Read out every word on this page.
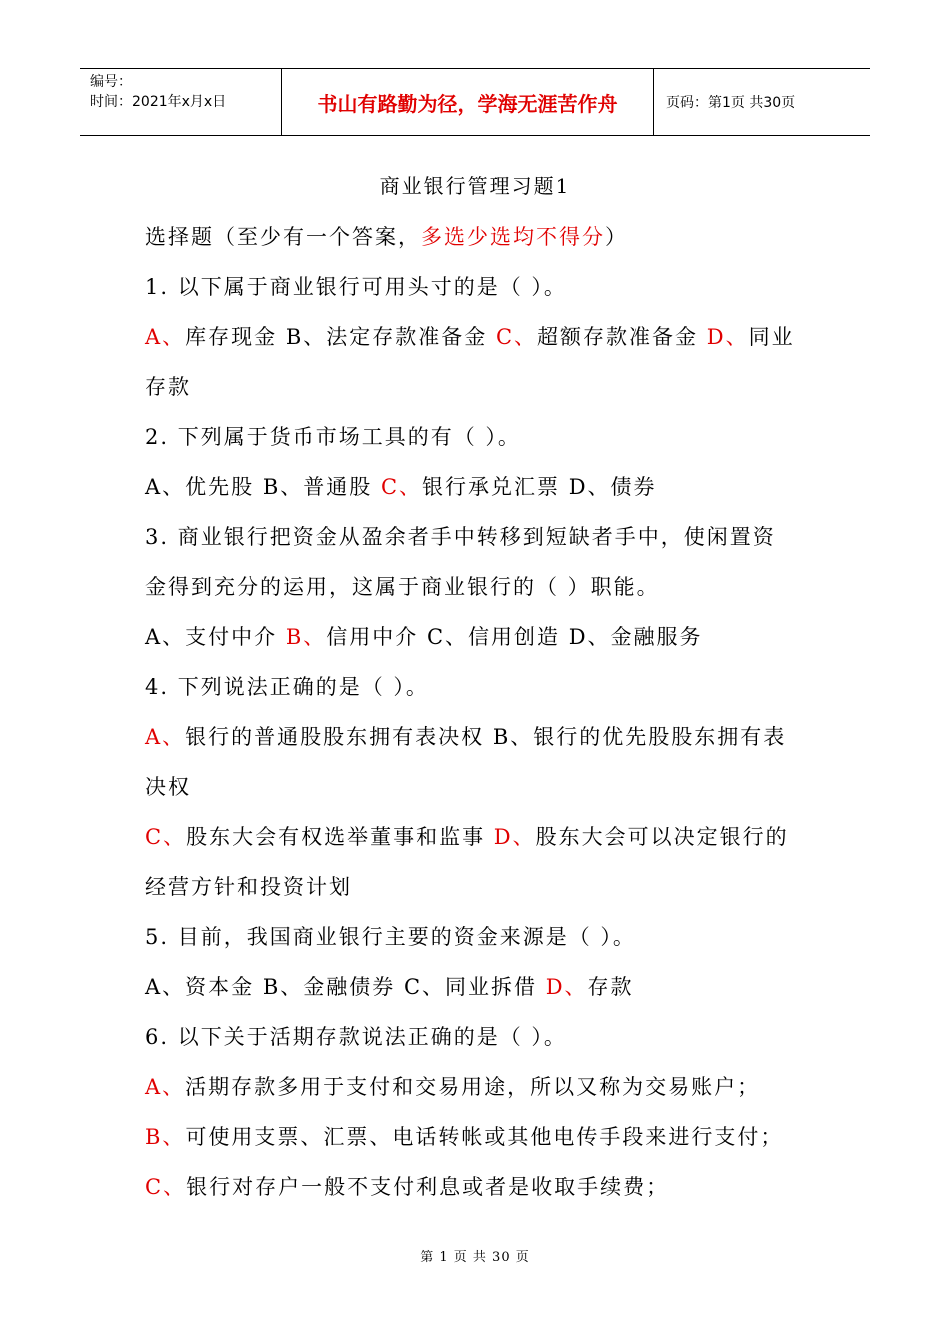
编号：
时间：2021年x月x日	书山有路勤为径，学海无涯苦作舟	页码：第1页 共30页
商业银行管理习题1
选择题（至少有一个答案，多选少选均不得分）
1. 以下属于商业银行可用头寸的是（ ）。
A、库存现金 B、法定存款准备金 C、超额存款准备金 D、同业
存款
2. 下列属于货币市场工具的有（ ）。
A、优先股 B、普通股 C、银行承兑汇票 D、债券
3. 商业银行把资金从盈余者手中转移到短缺者手中，使闲置资
金得到充分的运用，这属于商业银行的（ ）职能。
A、支付中介 B、信用中介 C、信用创造 D、金融服务
4. 下列说法正确的是（ ）。
A、银行的普通股股东拥有表决权 B、银行的优先股股东拥有表
决权
C、股东大会有权选举董事和监事 D、股东大会可以决定银行的
经营方针和投资计划
5. 目前，我国商业银行主要的资金来源是（ ）。
A、资本金 B、金融债券 C、同业拆借 D、存款
6. 以下关于活期存款说法正确的是（ ）。
A、活期存款多用于支付和交易用途，所以又称为交易账户；
B、可使用支票、汇票、电话转帐或其他电传手段来进行支付；
C、银行对存户一般不支付利息或者是收取手续费；
第 1 页 共 30 页
